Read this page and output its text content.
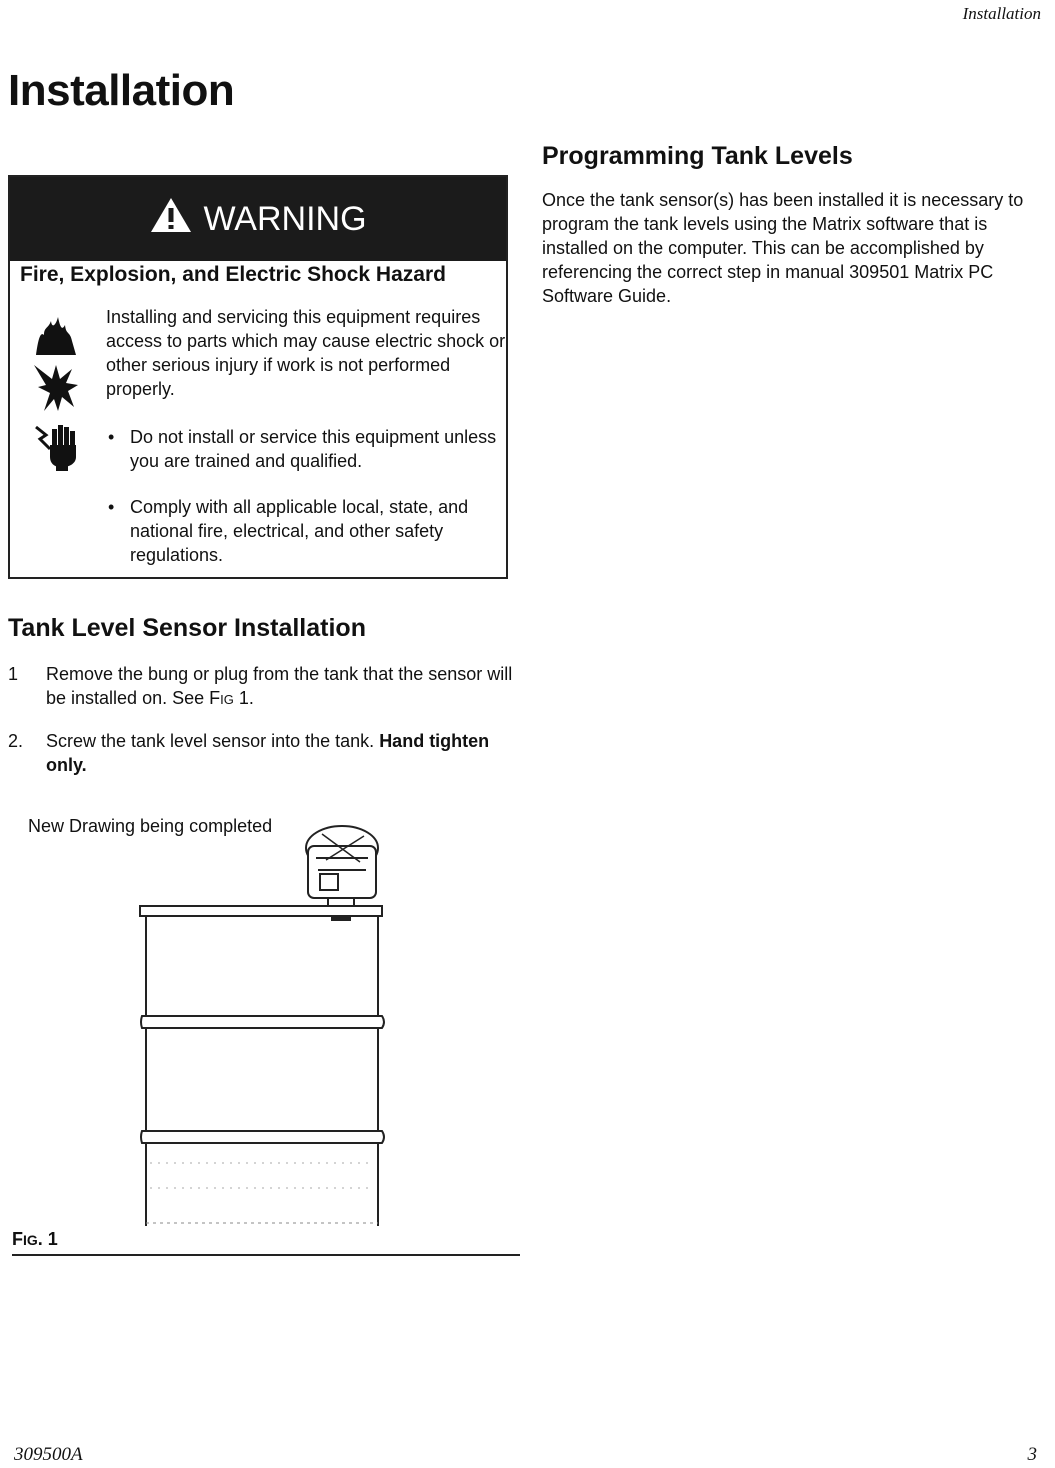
Installation
Installation
WARNING
Fire, Explosion, and Electric Shock Hazard
Installing and servicing this equipment requires access to parts which may cause electric shock or other serious injury if work is not performed properly.
• Do not install or service this equipment unless you are trained and qualified.
• Comply with all applicable local, state, and national fire, electrical, and other safety regulations.
Tank Level Sensor Installation
1 Remove the bung or plug from the tank that the sensor will be installed on. See Fig 1.
2. Screw the tank level sensor into the tank. Hand tighten only.
New Drawing being completed
FIG. 1
Programming Tank Levels
Once the tank sensor(s) has been installed it is necessary to program the tank levels using the Matrix software that is installed on the computer. This can be accomplished by referencing the correct step in manual 309501 Matrix PC Software Guide.
309500A	3
